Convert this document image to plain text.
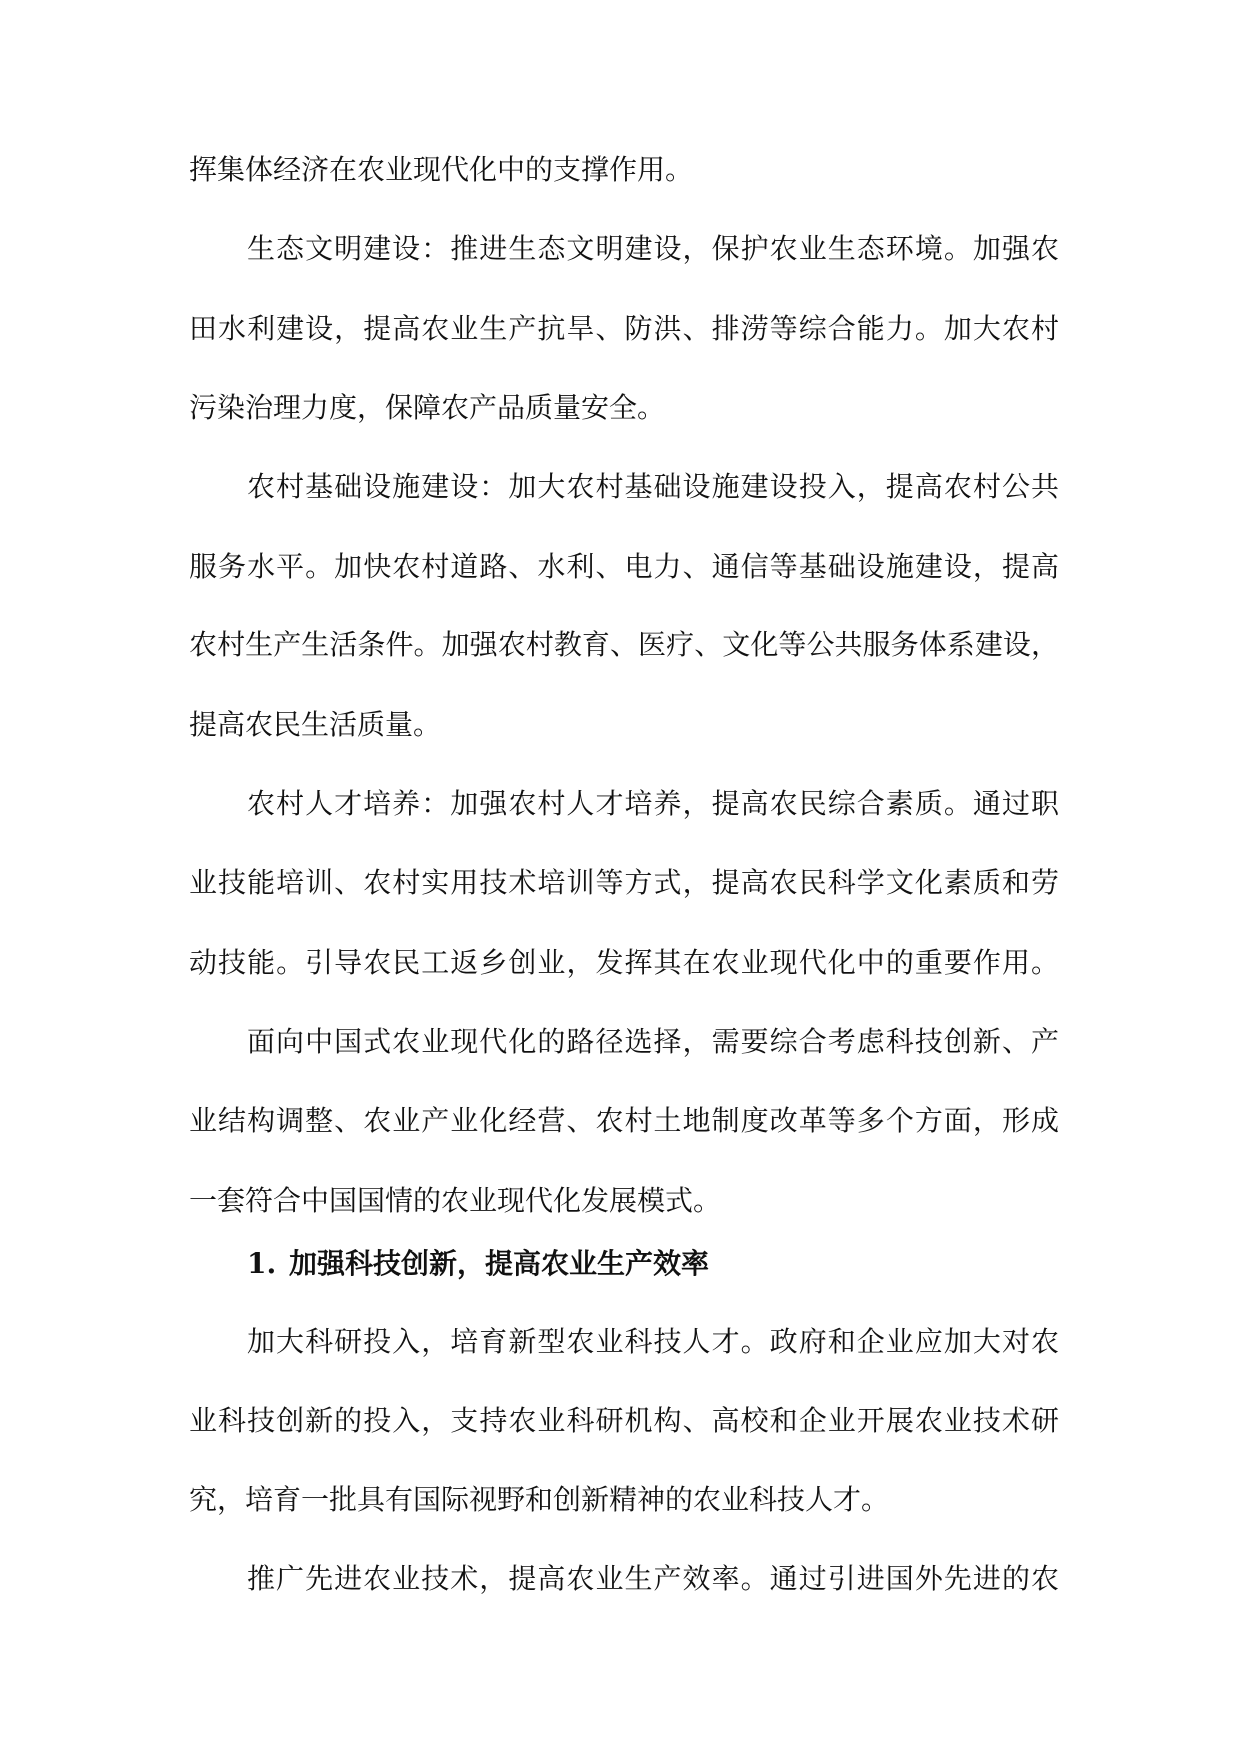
挥集体经济在农业现代化中的支撑作用。
生态文明建设：推进生态文明建设，保护农业生态环境。加强农
田水利建设，提高农业生产抗旱、防洪、排涝等综合能力。加大农村
污染治理力度，保障农产品质量安全。
农村基础设施建设：加大农村基础设施建设投入，提高农村公共
服务水平。加快农村道路、水利、电力、通信等基础设施建设，提高
农村生产生活条件。加强农村教育、医疗、文化等公共服务体系建设，
提高农民生活质量。
农村人才培养：加强农村人才培养，提高农民综合素质。通过职
业技能培训、农村实用技术培训等方式，提高农民科学文化素质和劳
动技能。引导农民工返乡创业，发挥其在农业现代化中的重要作用。
面向中国式农业现代化的路径选择，需要综合考虑科技创新、产
业结构调整、农业产业化经营、农村土地制度改革等多个方面，形成
一套符合中国国情的农业现代化发展模式。
1. 加强科技创新，提高农业生产效率
加大科研投入，培育新型农业科技人才。政府和企业应加大对农
业科技创新的投入，支持农业科研机构、高校和企业开展农业技术研
究，培育一批具有国际视野和创新精神的农业科技人才。
推广先进农业技术，提高农业生产效率。通过引进国外先进的农
